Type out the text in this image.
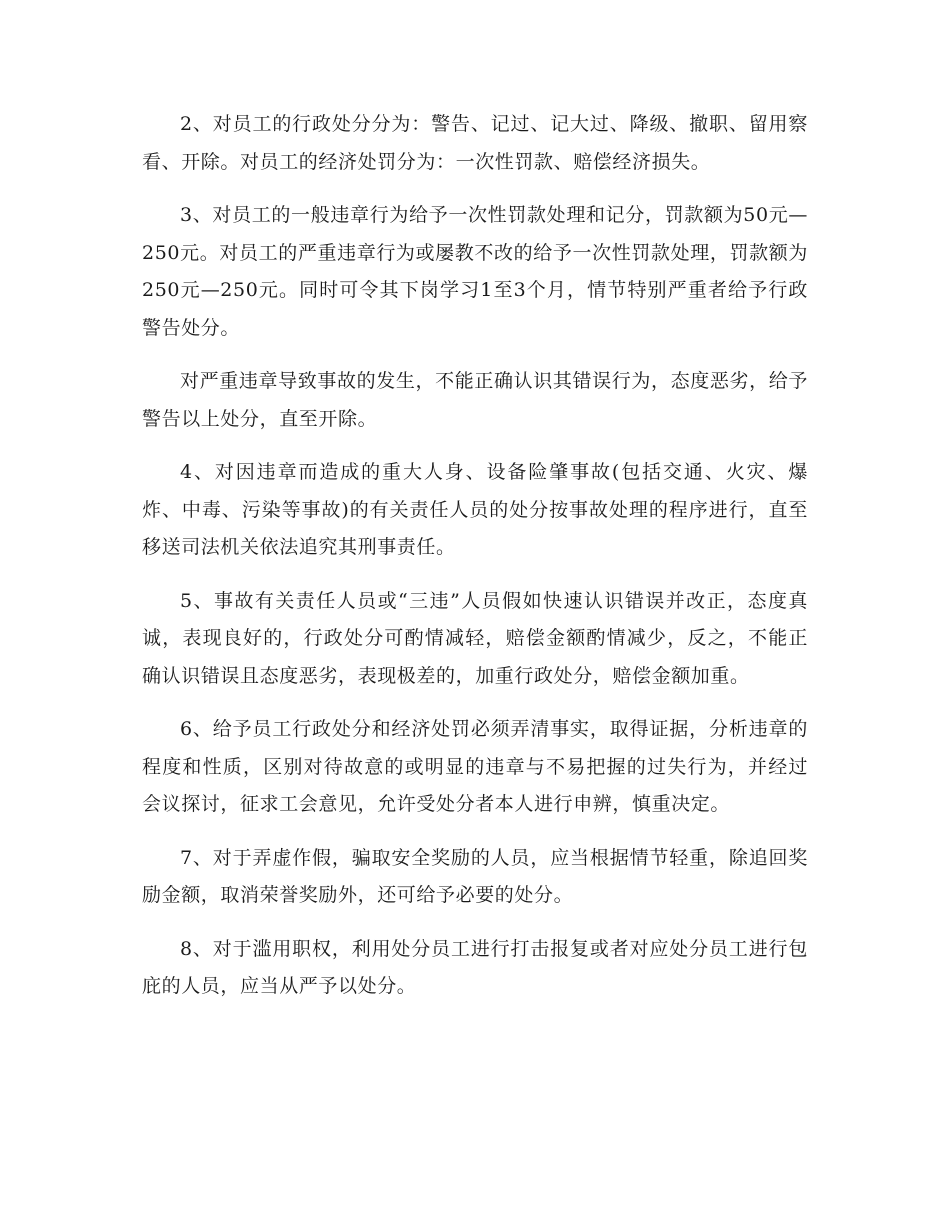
2、对员工的行政处分分为：警告、记过、记大过、降级、撤职、留用察看、开除。对员工的经济处罚分为：一次性罚款、赔偿经济损失。

3、对员工的一般违章行为给予一次性罚款处理和记分，罚款额为50元—250元。对员工的严重违章行为或屡教不改的给予一次性罚款处理，罚款额为250元—250元。同时可令其下岗学习1至3个月，情节特别严重者给予行政警告处分。

对严重违章导致事故的发生，不能正确认识其错误行为，态度恶劣，给予警告以上处分，直至开除。

4、对因违章而造成的重大人身、设备险肇事故(包括交通、火灾、爆炸、中毒、污染等事故)的有关责任人员的处分按事故处理的程序进行，直至移送司法机关依法追究其刑事责任。

5、事故有关责任人员或“三违”人员假如快速认识错误并改正，态度真诚，表现良好的，行政处分可酌情减轻，赔偿金额酌情减少，反之，不能正确认识错误且态度恶劣，表现极差的，加重行政处分，赔偿金额加重。

6、给予员工行政处分和经济处罚必须弄清事实，取得证据，分析违章的程度和性质，区别对待故意的或明显的违章与不易把握的过失行为，并经过会议探讨，征求工会意见，允许受处分者本人进行申辨，慎重决定。

7、对于弄虚作假，骗取安全奖励的人员，应当根据情节轻重，除追回奖励金额，取消荣誉奖励外，还可给予必要的处分。

8、对于滥用职权，利用处分员工进行打击报复或者对应处分员工进行包庇的人员，应当从严予以处分。
